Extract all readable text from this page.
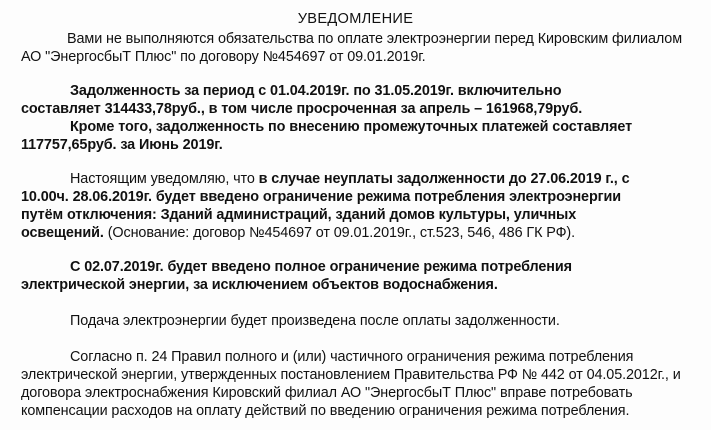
УВЕДОМЛЕНИЕ
Вами не выполняются обязательства по оплате электроэнергии перед Кировским филиалом
АО "ЭнергосбыТ Плюс" по договору №454697 от 09.01.2019г.
Задолженность за период с 01.04.2019г. по 31.05.2019г. включительно
составляет 314433,78руб., в том числе просроченная за апрель – 161968,79руб.
Кроме того, задолженность по внесению промежуточных платежей составляет
117757,65руб. за Июнь 2019г.
Настоящим уведомляю, что в случае неуплаты задолженности до 27.06.2019 г., с
10.00ч. 28.06.2019г. будет введено ограничение режима потребления электроэнергии
путём отключения: Зданий администраций, зданий домов культуры, уличных
освещений. (Основание: договор №454697 от 09.01.2019г., ст.523, 546, 486 ГК РФ).
С 02.07.2019г. будет введено полное ограничение режима потребления
электрической энергии, за исключением объектов водоснабжения.
Подача электроэнергии будет произведена после оплаты задолженности.
Согласно п. 24 Правил полного и (или) частичного ограничения режима потребления
электрической энергии, утвержденных постановлением Правительства РФ № 442 от 04.05.2012г., и
договора электроснабжения Кировский филиал АО "ЭнергосбыТ Плюс" вправе потребовать
компенсации расходов на оплату действий по введению ограничения режима потребления.
